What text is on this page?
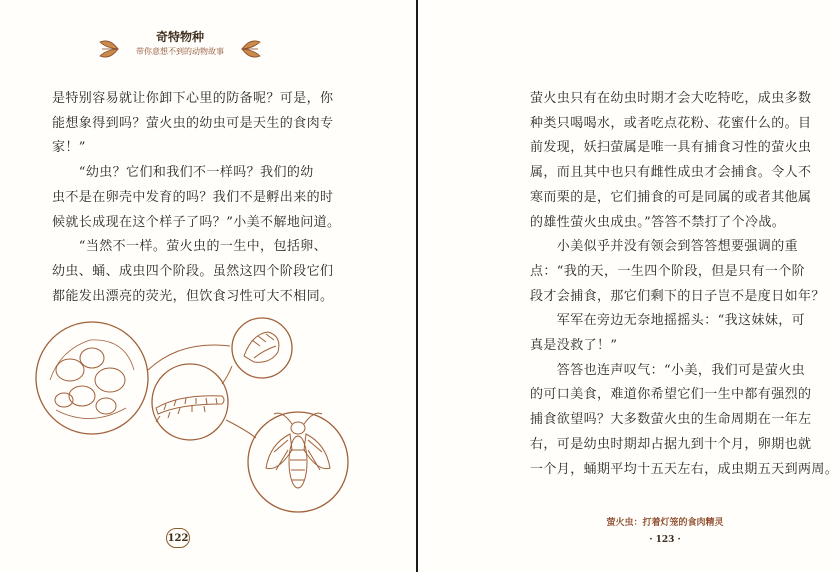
奇特物种
带你意想不到的动物故事

是特别容易就让你卸下心里的防备呢？可是，你

能想象得到吗？萤火虫的幼虫可是天生的食肉专

家！”

　　“幼虫？它们和我们不一样吗？我们的幼

虫不是在卵壳中发育的吗？我们不是孵出来的时

候就长成现在这个样子了吗？”小美不解地问道。

　　“当然不一样。萤火虫的一生中，包括卵、

幼虫、蛹、成虫四个阶段。虽然这四个阶段它们

都能发出漂亮的荧光，但饮食习性可大不相同。

122

萤火虫只有在幼虫时期才会大吃特吃，成虫多数

种类只喝喝水，或者吃点花粉、花蜜什么的。目

前发现，妖扫萤属是唯一具有捕食习性的萤火虫

属，而且其中也只有雌性成虫才会捕食。令人不

寒而栗的是，它们捕食的可是同属的或者其他属

的雄性萤火虫成虫。”答答不禁打了个冷战。

　　小美似乎并没有领会到答答想要强调的重

点：“我的天，一生四个阶段，但是只有一个阶

段才会捕食，那它们剩下的日子岂不是度日如年？

　　军军在旁边无奈地摇摇头：“我这妹妹，可

真是没救了！”

　　答答也连声叹气：“小美，我们可是萤火虫

的可口美食，难道你希望它们一生中都有强烈的

捕食欲望吗？大多数萤火虫的生命周期在一年左

右，可是幼虫时期却占据九到十个月，卵期也就

一个月，蛹期平均十五天左右，成虫期五天到两周。

萤火虫：打着灯笼的食肉精灵
· 123 ·
